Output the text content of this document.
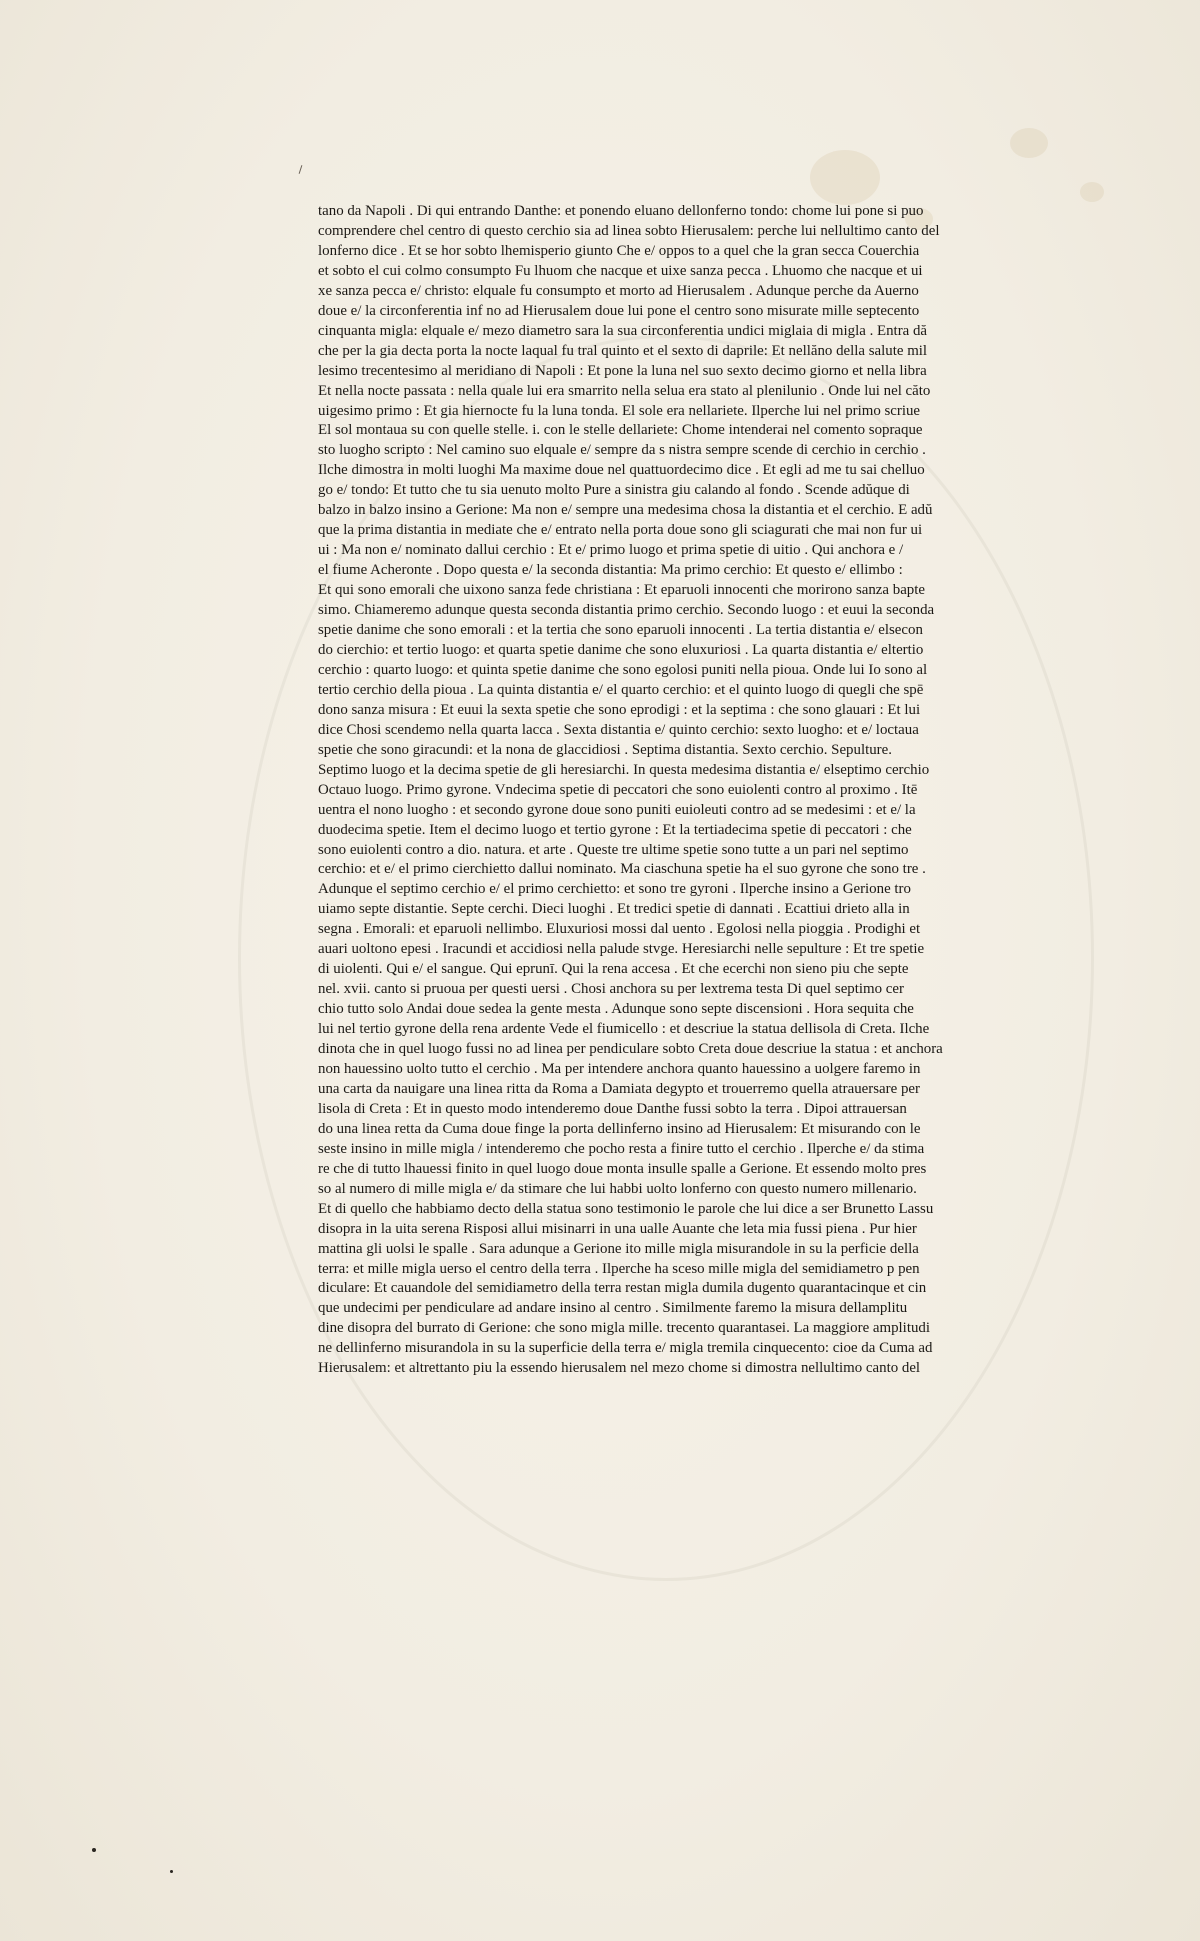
tano da Napoli . Di qui entrando Danthe: et ponendo eluano dellonferno tondo: chome lui pone si puo
comprendere chel centro di questo cerchio sia ad linea sobto Hierusalem: perche lui nellultimo canto del
lonferno dice . Et se hor sobto lhemisperio giunto Che e/ oppos to a quel che la gran secca Couerchia
et sobto el cui colmo consumpto Fu lhuom che nacque et uixe sanza pecca . Lhuomo che nacque et ui
xe sanza pecca e/ christo: elquale fu consumpto et morto ad Hierusalem . Adunque perche da Auerno
doue e/ la circonferentia inf no ad Hierusalem doue lui pone el centro sono misurate mille septecento
cinquanta migla: elquale e/ mezo diametro sara la sua circonferentia undici miglaia di migla . Entra dă
che per la gia decta porta la nocte laqual fu tral quinto et el sexto di daprile: Et nellăno della salute mil
lesimo trecentesimo al meridiano di Napoli : Et pone la luna nel suo sexto decimo giorno et nella libra
Et nella nocte passata : nella quale lui era smarrito nella selua era stato al plenilunio . Onde lui nel căto
uigesimo primo : Et gia hiernocte fu la luna tonda. El sole era nellariete. Ilperche lui nel primo scriue
El sol montaua su con quelle stelle. i. con le stelle dellariete: Chome intenderai nel comento sopraque
sto luogho scripto : Nel camino suo elquale e/ sempre da s nistra sempre scende di cerchio in cerchio .
Ilche dimostra in molti luoghi Ma maxime doue nel quattuordecimo dice . Et egli ad me tu sai chelluo
go e/ tondo: Et tutto che tu sia uenuto molto Pure a sinistra giu calando al fondo . Scende adŭque di
balzo in balzo insino a Gerione: Ma non e/ sempre una medesima chosa la distantia et el cerchio. E adŭ
que la prima distantia in mediate che e/ entrato nella porta doue sono gli sciagurati che mai non fur ui
ui : Ma non e/ nominato dallui cerchio : Et e/ primo luogo et prima spetie di uitio . Qui anchora e /
el fiume Acheronte . Dopo questa e/ la seconda distantia: Ma primo cerchio: Et questo e/ ellimbo :
Et qui sono emorali che uixono sanza fede christiana : Et eparuoli innocenti che morirono sanza bapte
simo. Chiameremo adunque questa seconda distantia primo cerchio. Secondo luogo : et euui la seconda
spetie danime che sono emorali : et la tertia che sono eparuoli innocenti . La tertia distantia e/ elsecon
do cierchio: et tertio luogo: et quarta spetie danime che sono eluxuriosi . La quarta distantia e/ eltertio
cerchio : quarto luogo: et quinta spetie danime che sono egolosi puniti nella pioua. Onde lui Io sono al
tertio cerchio della pioua . La quinta distantia e/ el quarto cerchio: et el quinto luogo di quegli che spē
dono sanza misura : Et euui la sexta spetie che sono eprodigi : et la septima : che sono glauari : Et lui
dice Chosi scendemo nella quarta lacca . Sexta distantia e/ quinto cerchio: sexto luogho: et e/ loctaua
spetie che sono giracundi: et la nona de glaccidiosi . Septima distantia. Sexto cerchio. Sepulture.
Septimo luogo et la decima spetie de gli heresiarchi. In questa medesima distantia e/ elseptimo cerchio
Octauo luogo. Primo gyrone. Vndecima spetie di peccatori che sono euiolenti contro al proximo . Itē
uentra el nono luogho : et secondo gyrone doue sono puniti euioleuti contro ad se medesimi : et e/ la
duodecima spetie. Item el decimo luogo et tertio gyrone : Et la tertiadecima spetie di peccatori : che
sono euiolenti contro a dio. natura. et arte . Queste tre ultime spetie sono tutte a un pari nel septimo
cerchio: et e/ el primo cierchietto dallui nominato. Ma ciaschuna spetie ha el suo gyrone che sono tre .
Adunque el septimo cerchio e/ el primo cerchietto: et sono tre gyroni . Ilperche insino a Gerione tro
uiamo septe distantie. Septe cerchi. Dieci luoghi . Et tredici spetie di dannati . Ecattiui drieto alla in
segna . Emorali: et eparuoli nellimbo. Eluxuriosi mossi dal uento . Egolosi nella pioggia . Prodighi et
auari uoltono epesi . Iracundi et accidiosi nella palude stvge. Heresiarchi nelle sepulture : Et tre spetie
di uiolenti. Qui e/ el sangue. Qui eprunī. Qui la rena accesa . Et che ecerchi non sieno piu che septe
nel. xvii. canto si pruoua per questi uersi . Chosi anchora su per lextrema testa Di quel septimo cer
chio tutto solo Andai doue sedea la gente mesta . Adunque sono septe discensioni . Hora sequita che
lui nel tertio gyrone della rena ardente Vede el fiumicello : et descriue la statua dellisola di Creta. Ilche
dinota che in quel luogo fussi no ad linea per pendiculare sobto Creta doue descriue la statua : et anchora
non hauessino uolto tutto el cerchio . Ma per intendere anchora quanto hauessino a uolgere faremo in
una carta da nauigare una linea ritta da Roma a Damiata degypto et trouerremo quella atrauersare per
lisola di Creta : Et in questo modo intenderemo doue Danthe fussi sobto la terra . Dipoi attrauersan
do una linea retta da Cuma doue finge la porta dellinferno insino ad Hierusalem: Et misurando con le
seste insino in mille migla / intenderemo che pocho resta a finire tutto el cerchio . Ilperche e/ da stima
re che di tutto lhauessi finito in quel luogo doue monta insulle spalle a Gerione. Et essendo molto pres
so al numero di mille migla e/ da stimare che lui habbi uolto lonferno con questo numero millenario.
Et di quello che habbiamo decto della statua sono testimonio le parole che lui dice a ser Brunetto Lassu
disopra in la uita serena Risposi allui misinarri in una ualle Auante che leta mia fussi piena . Pur hier
mattina gli uolsi le spalle . Sara adunque a Gerione ito mille migla misurandole in su la perficie della
terra: et mille migla uerso el centro della terra . Ilperche ha sceso mille migla del semidiametro p pen
diculare: Et cauandole del semidiametro della terra restan migla dumila dugento quarantacinque et cin
que undecimi per pendiculare ad andare insino al centro . Similmente faremo la misura dellamplitu
dine disopra del burrato di Gerione: che sono migla mille. trecento quarantasei. La maggiore amplitudi
ne dellinferno misurandola in su la superficie della terra e/ migla tremila cinquecento: cioe da Cuma ad
Hierusalem: et altrettanto piu la essendo hierusalem nel mezo chome si dimostra nellultimo canto del
